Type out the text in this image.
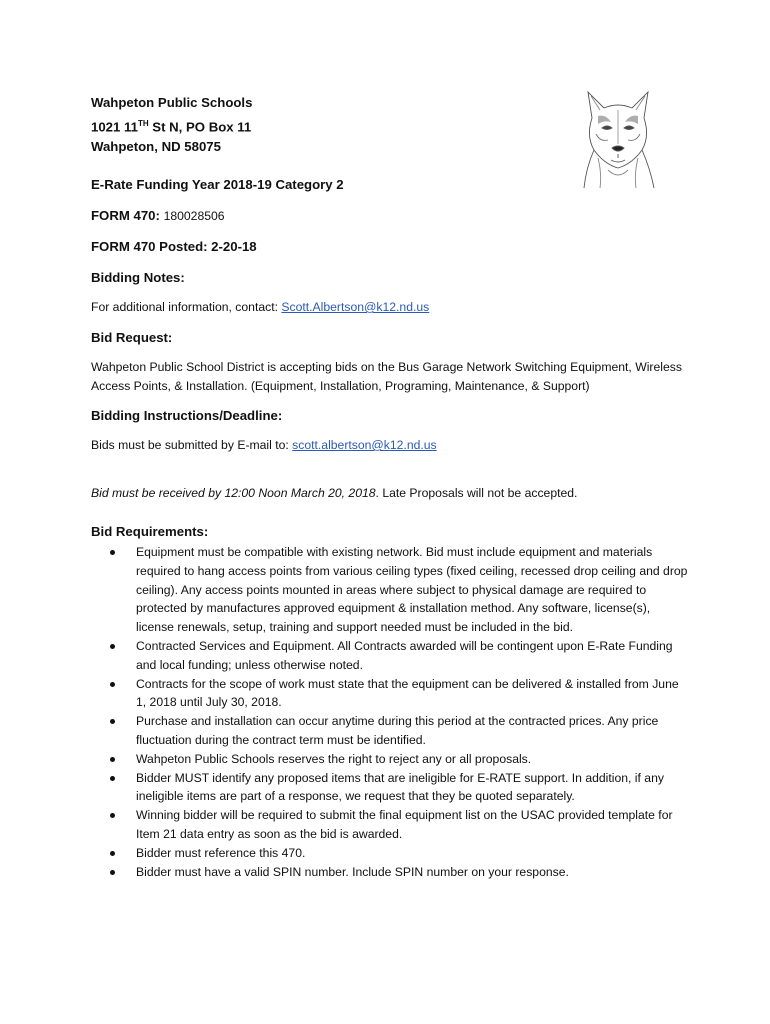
Wahpeton Public Schools
1021 11TH St N, PO Box 11
Wahpeton, ND 58075
E-Rate Funding Year 2018-19 Category 2
FORM 470: 180028506
FORM 470 Posted: 2-20-18
Bidding Notes:
For additional information, contact: Scott.Albertson@k12.nd.us
Bid Request:
Wahpeton Public School District is accepting bids on the Bus Garage Network Switching Equipment, Wireless Access Points, & Installation. (Equipment, Installation, Programing, Maintenance, & Support)
Bidding Instructions/Deadline:
Bids must be submitted by E-mail to: scott.albertson@k12.nd.us
Bid must be received by 12:00 Noon March 20, 2018. Late Proposals will not be accepted.
Bid Requirements:
Equipment must be compatible with existing network. Bid must include equipment and materials required to hang access points from various ceiling types (fixed ceiling, recessed drop ceiling and drop ceiling). Any access points mounted in areas where subject to physical damage are required to protected by manufactures approved equipment & installation method. Any software, license(s), license renewals, setup, training and support needed must be included in the bid.
Contracted Services and Equipment. All Contracts awarded will be contingent upon E-Rate Funding and local funding; unless otherwise noted.
Contracts for the scope of work must state that the equipment can be delivered & installed from June 1, 2018 until July 30, 2018.
Purchase and installation can occur anytime during this period at the contracted prices. Any price fluctuation during the contract term must be identified.
Wahpeton Public Schools reserves the right to reject any or all proposals.
Bidder MUST identify any proposed items that are ineligible for E-RATE support. In addition, if any ineligible items are part of a response, we request that they be quoted separately.
Winning bidder will be required to submit the final equipment list on the USAC provided template for Item 21 data entry as soon as the bid is awarded.
Bidder must reference this 470.
Bidder must have a valid SPIN number. Include SPIN number on your response.
